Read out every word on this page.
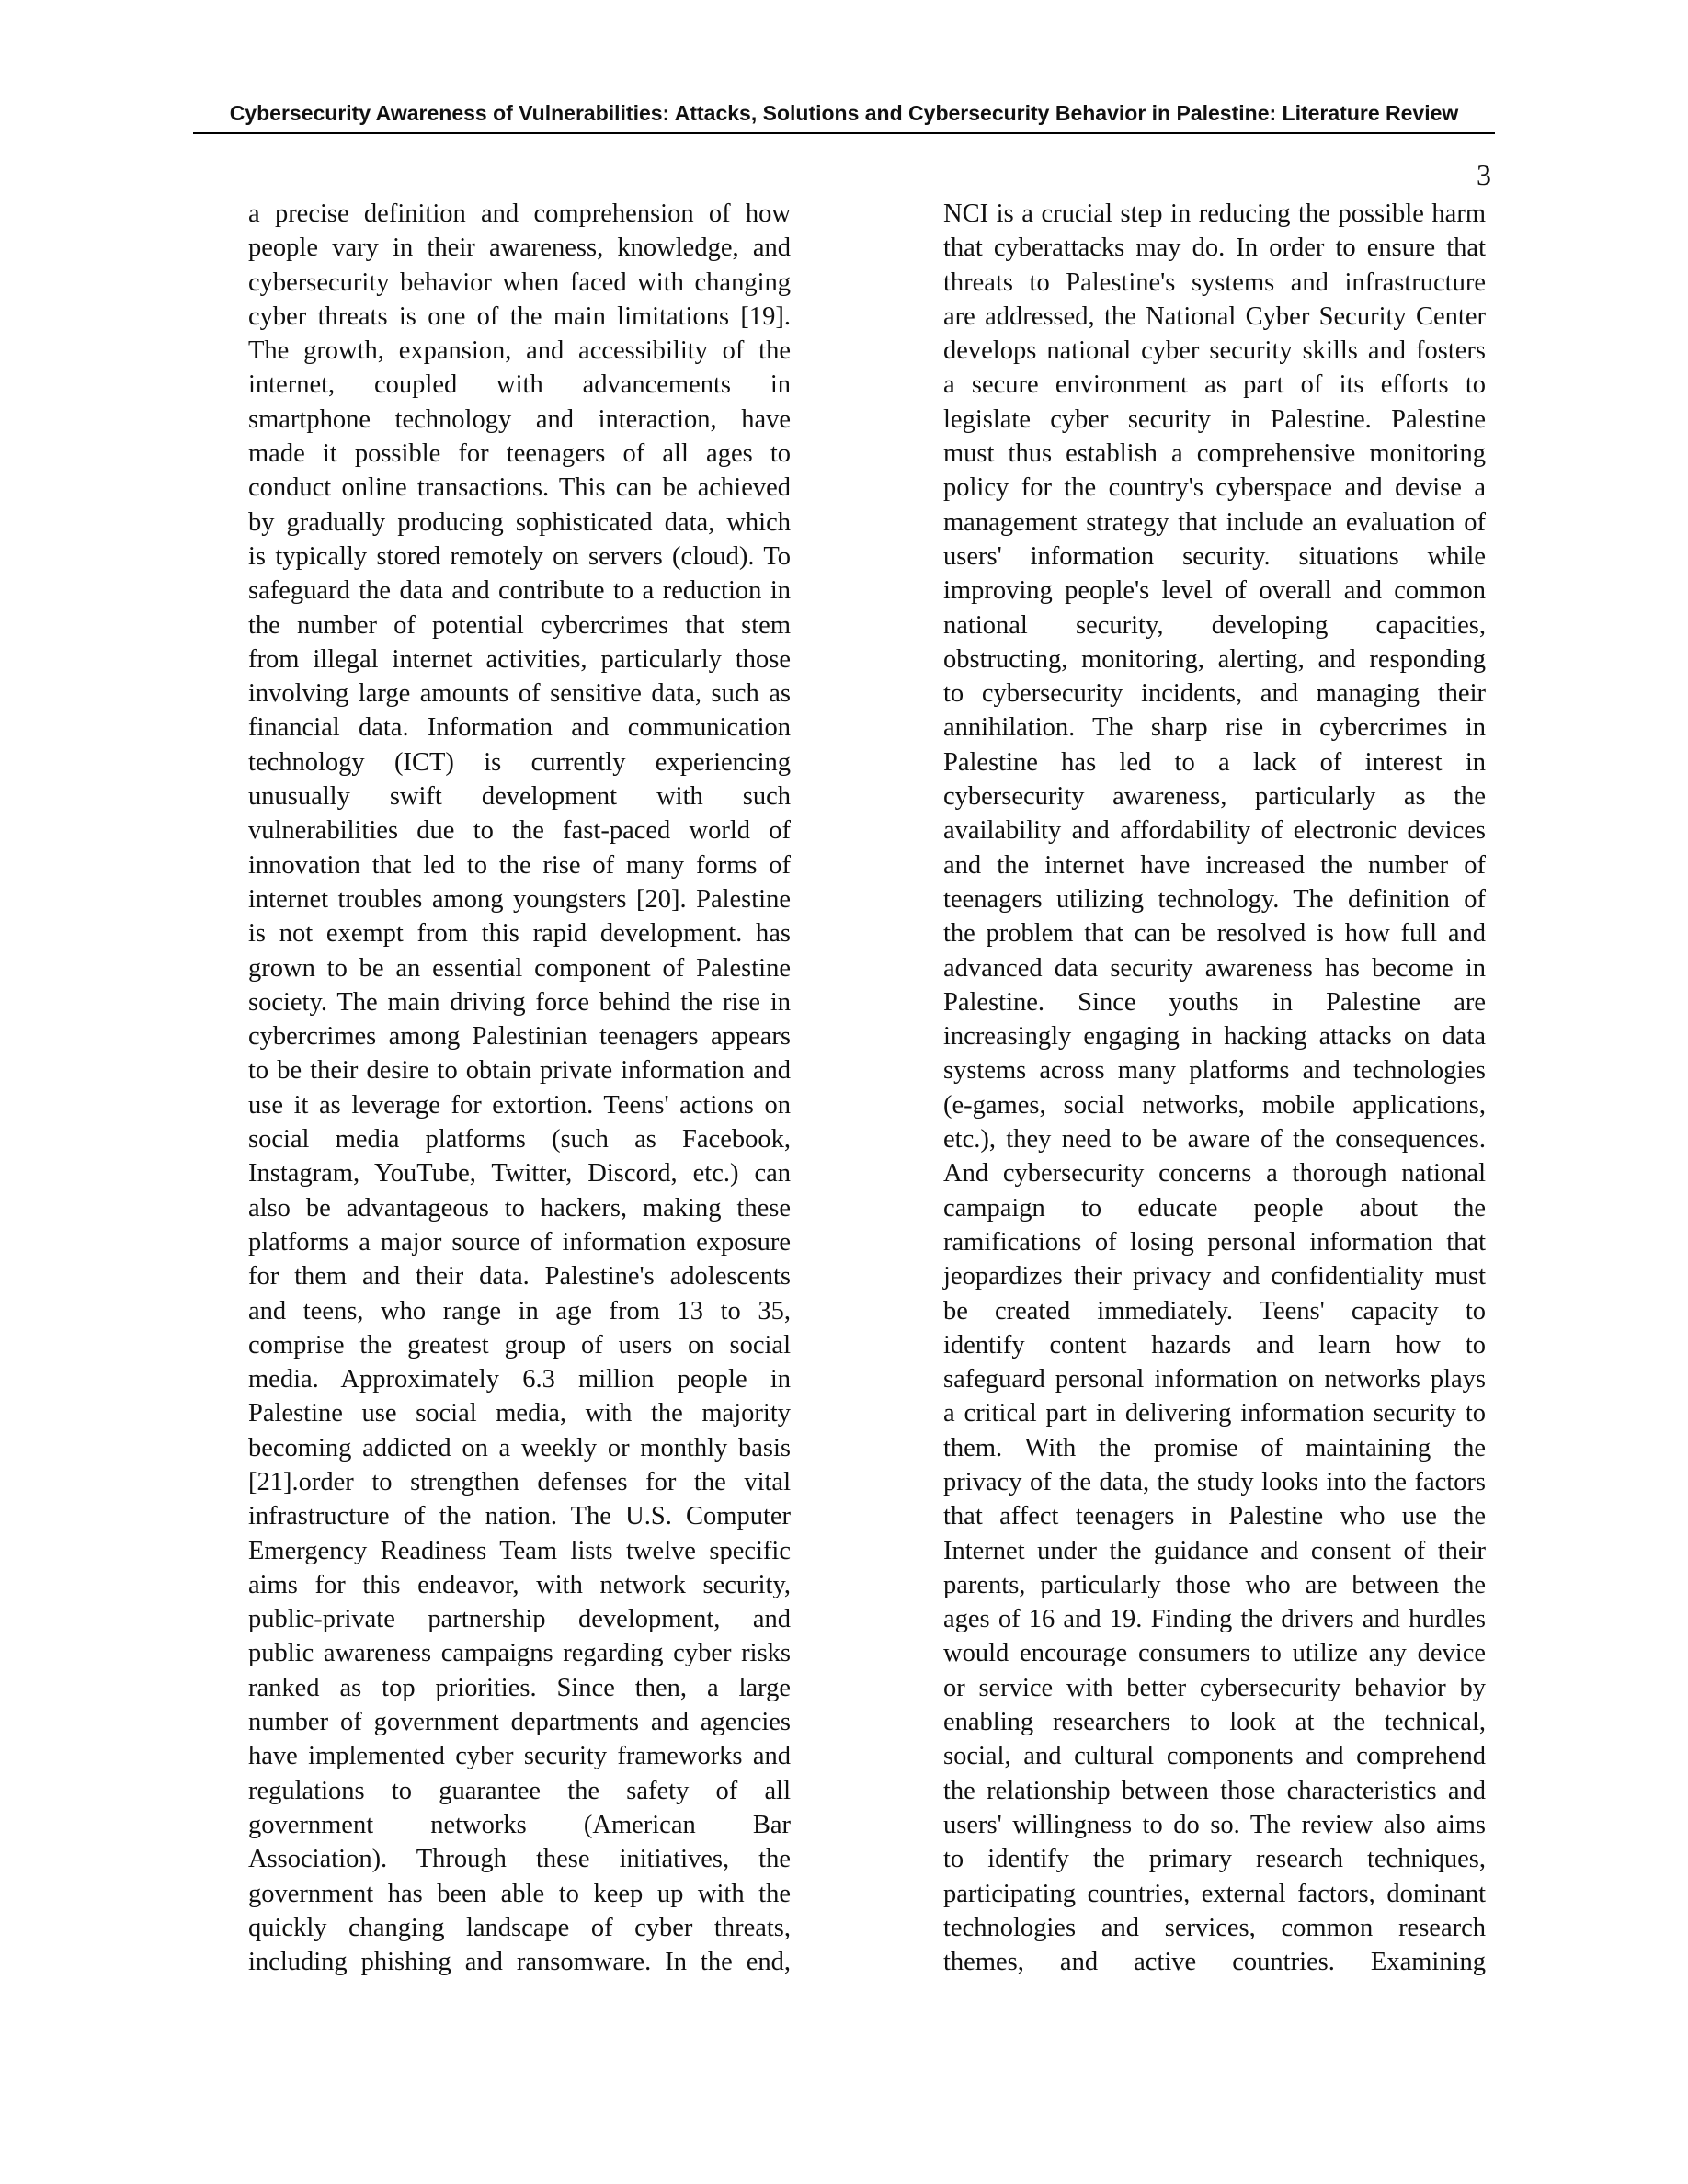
Cybersecurity Awareness of Vulnerabilities: Attacks, Solutions and Cybersecurity Behavior in Palestine: Literature Review
3
a precise definition and comprehension of how
people vary in their awareness, knowledge, and
cybersecurity behavior when faced with changing
cyber threats is one of the main limitations [19].
The growth, expansion, and accessibility of the
internet, coupled with advancements in
smartphone technology and interaction, have
made it possible for teenagers of all ages to
conduct online transactions. This can be achieved
by gradually producing sophisticated data, which
is typically stored remotely on servers (cloud). To
safeguard the data and contribute to a reduction in
the number of potential cybercrimes that stem
from illegal internet activities, particularly those
involving large amounts of sensitive data, such as
financial data. Information and communication
technology (ICT) is currently experiencing
unusually swift development with such
vulnerabilities due to the fast-paced world of
innovation that led to the rise of many forms of
internet troubles among youngsters [20]. Palestine
is not exempt from this rapid development. has
grown to be an essential component of Palestine
society. The main driving force behind the rise in
cybercrimes among Palestinian teenagers appears
to be their desire to obtain private information and
use it as leverage for extortion. Teens' actions on
social media platforms (such as Facebook,
Instagram, YouTube, Twitter, Discord, etc.) can
also be advantageous to hackers, making these
platforms a major source of information exposure
for them and their data. Palestine's adolescents
and teens, who range in age from 13 to 35,
comprise the greatest group of users on social
media. Approximately 6.3 million people in
Palestine use social media, with the majority
becoming addicted on a weekly or monthly basis
[21].order to strengthen defenses for the vital
infrastructure of the nation. The U.S. Computer
Emergency Readiness Team lists twelve specific
aims for this endeavor, with network security,
public-private partnership development, and
public awareness campaigns regarding cyber risks
ranked as top priorities. Since then, a large
number of government departments and agencies
have implemented cyber security frameworks and
regulations to guarantee the safety of all
government networks (American Bar
Association). Through these initiatives, the
government has been able to keep up with the
quickly changing landscape of cyber threats,
including phishing and ransomware. In the end,
NCI is a crucial step in reducing the possible harm
that cyberattacks may do. In order to ensure that
threats to Palestine's systems and infrastructure
are addressed, the National Cyber Security Center
develops national cyber security skills and fosters
a secure environment as part of its efforts to
legislate cyber security in Palestine. Palestine
must thus establish a comprehensive monitoring
policy for the country's cyberspace and devise a
management strategy that include an evaluation of
users' information security. situations while
improving people's level of overall and common
national security, developing capacities,
obstructing, monitoring, alerting, and responding
to cybersecurity incidents, and managing their
annihilation. The sharp rise in cybercrimes in
Palestine has led to a lack of interest in
cybersecurity awareness, particularly as the
availability and affordability of electronic devices
and the internet have increased the number of
teenagers utilizing technology. The definition of
the problem that can be resolved is how full and
advanced data security awareness has become in
Palestine. Since youths in Palestine are
increasingly engaging in hacking attacks on data
systems across many platforms and technologies
(e-games, social networks, mobile applications,
etc.), they need to be aware of the consequences.
And cybersecurity concerns a thorough national
campaign to educate people about the
ramifications of losing personal information that
jeopardizes their privacy and confidentiality must
be created immediately. Teens' capacity to
identify content hazards and learn how to
safeguard personal information on networks plays
a critical part in delivering information security to
them. With the promise of maintaining the
privacy of the data, the study looks into the factors
that affect teenagers in Palestine who use the
Internet under the guidance and consent of their
parents, particularly those who are between the
ages of 16 and 19. Finding the drivers and hurdles
would encourage consumers to utilize any device
or service with better cybersecurity behavior by
enabling researchers to look at the technical,
social, and cultural components and comprehend
the relationship between those characteristics and
users' willingness to do so. The review also aims
to identify the primary research techniques,
participating countries, external factors, dominant
technologies and services, common research
themes, and active countries. Examining
